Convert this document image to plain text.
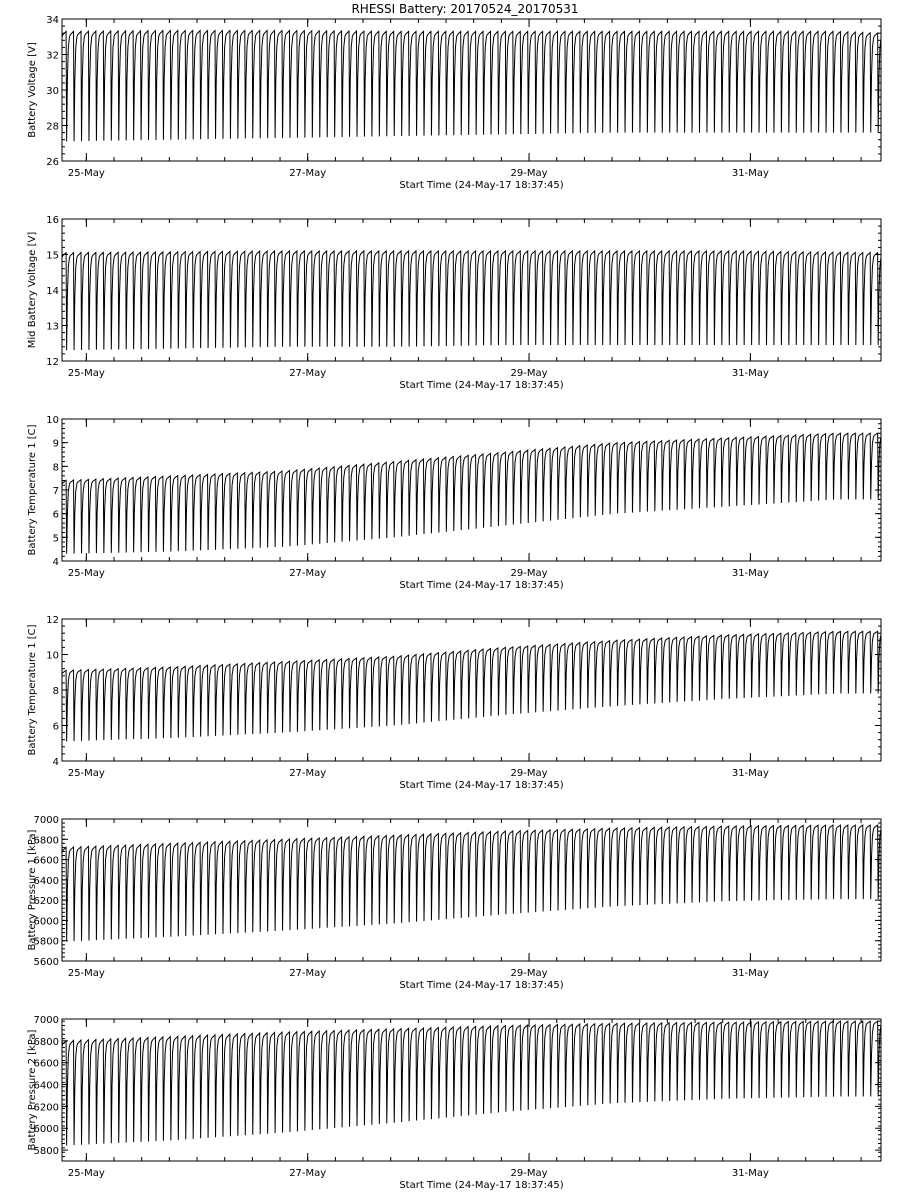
RHESSI Battery: 20170524_20170531
26
28
30
32
34
25-May	27-May	29-May	31-May
Start Time (24-May-17 18:37:45)
Battery Voltage [V]
12
13
14
15
16
25-May	27-May	29-May	31-May
Start Time (24-May-17 18:37:45)
Mid Battery Voltage [V]
4
5
6
7
8
9
10
25-May	27-May	29-May	31-May
Start Time (24-May-17 18:37:45)
Battery Temperature 1 [C]
4
6
8
10
12
25-May	27-May	29-May	31-May
Start Time (24-May-17 18:37:45)
Battery Temperature 1 [C]
5600
5800
6000
6200
6400
6600
6800
7000
25-May	27-May	29-May	31-May
Start Time (24-May-17 18:37:45)
Battery Pressure 1 [kPa]
5800
6000
6200
6400
6600
6800
7000
25-May	27-May	29-May	31-May
Start Time (24-May-17 18:37:45)
Battery Pressure 2 [kPa]
